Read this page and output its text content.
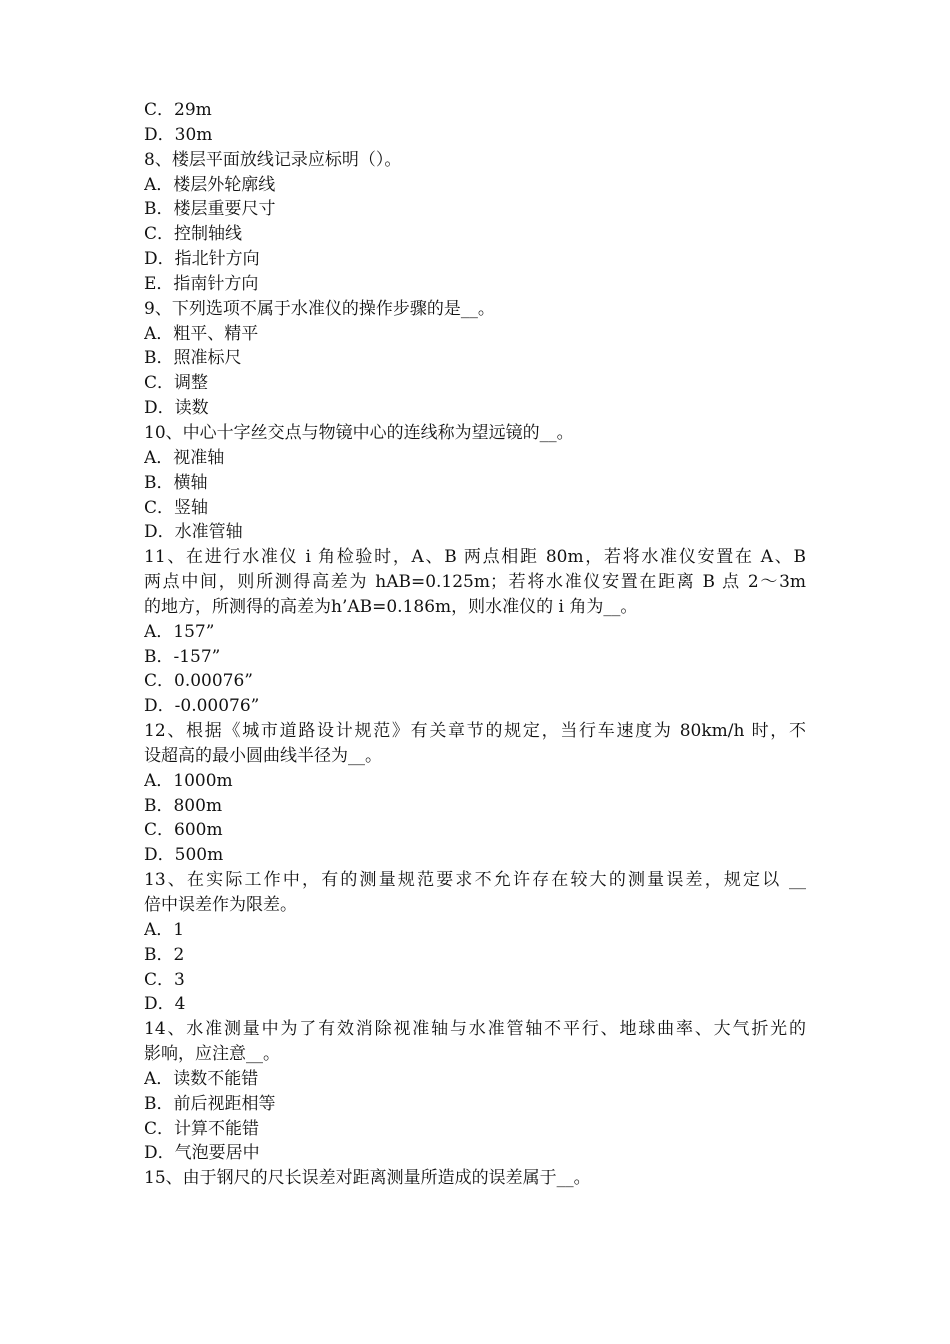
C．29m
D．30m
8、楼层平面放线记录应标明（）。
A．楼层外轮廓线
B．楼层重要尺寸
C．控制轴线
D．指北针方向
E．指南针方向
9、下列选项不属于水准仪的操作步骤的是__。
A．粗平、精平
B．照准标尺
C．调整
D．读数
10、中心十字丝交点与物镜中心的连线称为望远镜的__。
A．视准轴
B．横轴
C．竖轴
D．水准管轴
11、在进行水准仪 i 角检验时，A、B 两点相距 80m，若将水准仪安置在 A、B
两点中间，则所测得高差为 hAB=0.125m；若将水准仪安置在距离 B 点 2～3m
的地方，所测得的高差为h’AB=0.186m，则水准仪的 i 角为__。
A．157”
B．-157”
C．0.00076”
D．-0.00076”
12、根据《城市道路设计规范》有关章节的规定，当行车速度为 80km/h 时，不
设超高的最小圆曲线半径为__。
A．1000m
B．800m
C．600m
D．500m
13、在实际工作中，有的测量规范要求不允许存在较大的测量误差，规定以 __
倍中误差作为限差。
A．1
B．2
C．3
D．4
14、水准测量中为了有效消除视准轴与水准管轴不平行、地球曲率、大气折光的
影响，应注意__。
A．读数不能错
B．前后视距相等
C．计算不能错
D．气泡要居中
15、由于钢尺的尺长误差对距离测量所造成的误差属于__。
